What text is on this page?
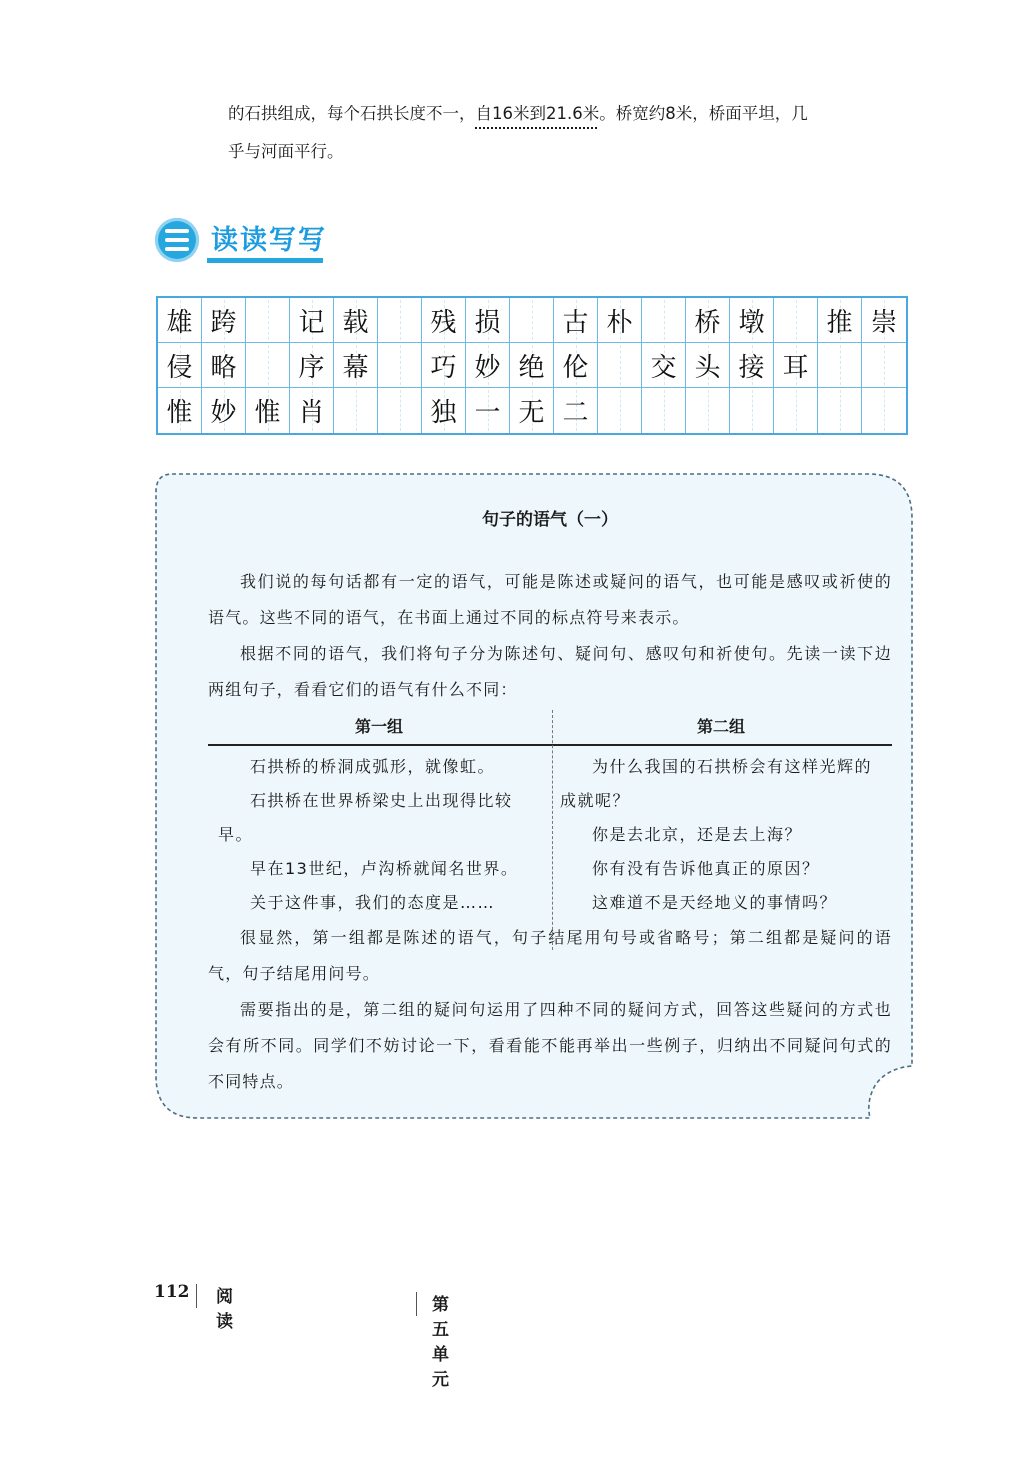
的石拱组成，每个石拱长度不一，自16米到21.6米。桥宽约8米，桥面平坦，几

乎与河面平行。

读读写写
雄 跨 记 载 残 损 古 朴 桥 墩 推 崇
侵 略 序 幕 巧 妙 绝 伦 交 头 接 耳
惟 妙 惟 肖	独 一 无 二

句子的语气（一）

我们说的每句话都有一定的语气，可能是陈述或疑问的语气，也可能是感叹或祈使的语气。这些不同的语气，在书面上通过不同的标点符号来表示。

根据不同的语气，我们将句子分为陈述句、疑问句、感叹句和祈使句。先读一读下边两组句子，看看它们的语气有什么不同：

第一组	第二组

石拱桥的桥洞成弧形，就像虹。

石拱桥在世界桥梁史上出现得比较早。

早在13世纪，卢沟桥就闻名世界。

关于这件事，我们的态度是……

为什么我国的石拱桥会有这样光辉的成就呢？

你是去北京，还是去上海？

你有没有告诉他真正的原因？

这难道不是天经地义的事情吗？

很显然，第一组都是陈述的语气，句子结尾用句号或省略号；第二组都是疑问的语气，句子结尾用问号。

需要指出的是，第二组的疑问句运用了四种不同的疑问方式，回答这些疑问的方式也会有所不同。同学们不妨讨论一下，看看能不能再举出一些例子，归纳出不同疑问句式的不同特点。

112 阅读
第五单元
